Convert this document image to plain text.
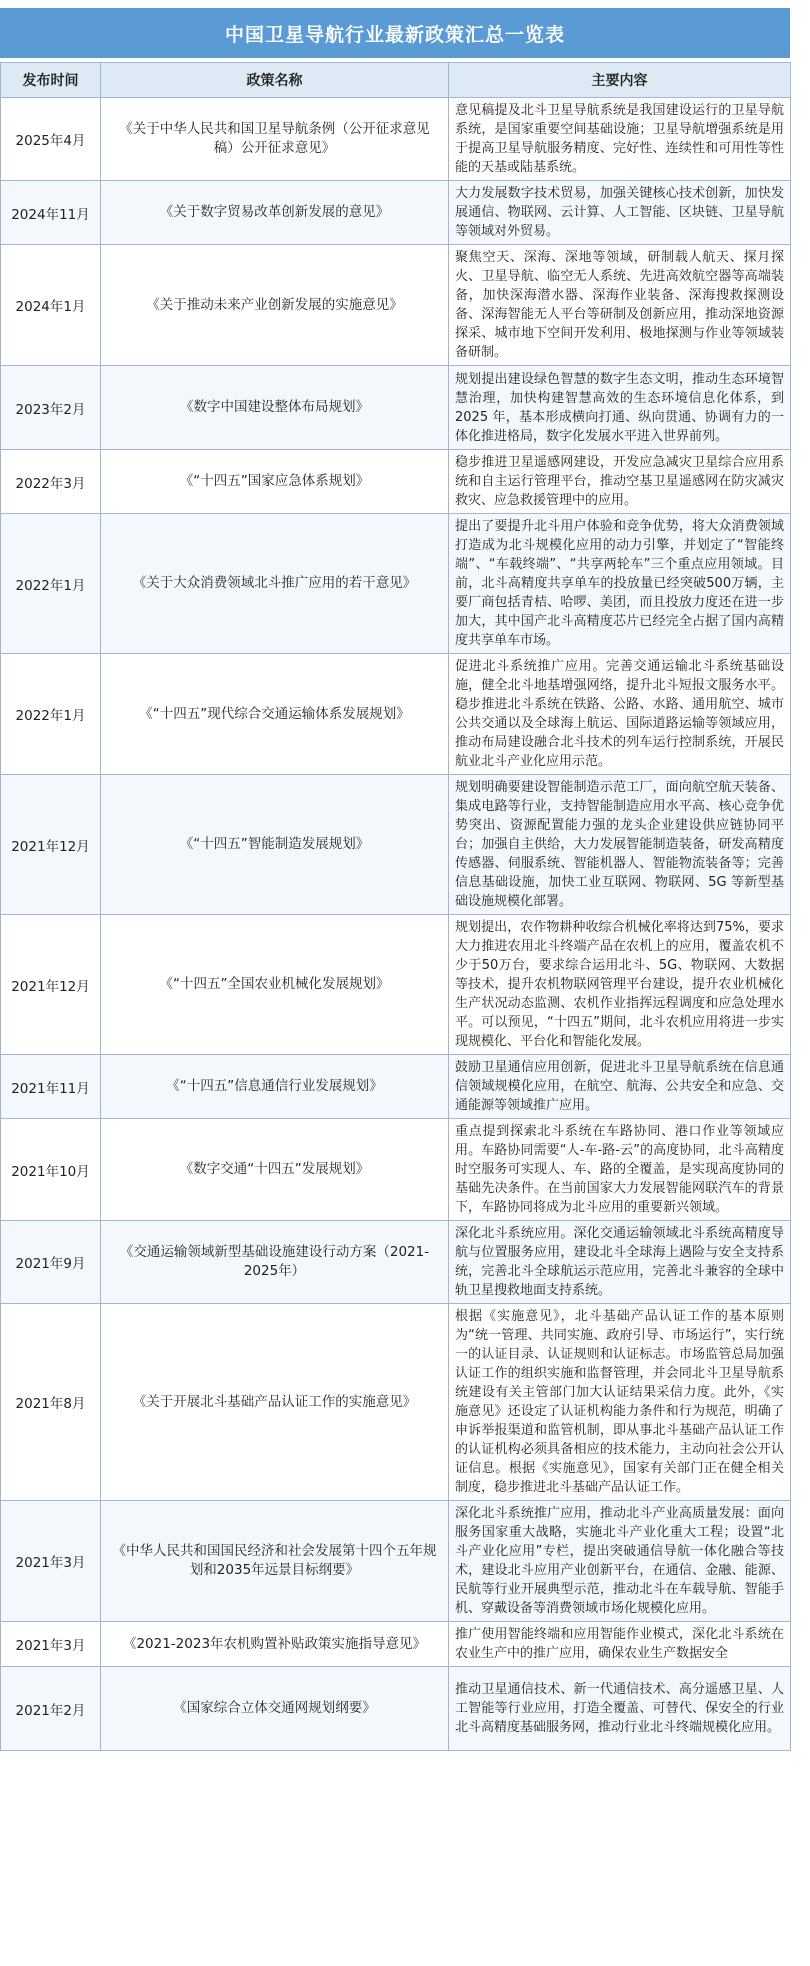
中国卫星导航行业最新政策汇总一览表
发布时间	政策名称	主要内容
2025年4月	《关于中华人民共和国卫星导航条例（公开征求意见稿）公开征求意见》	意见稿提及北斗卫星导航系统是我国建设运行的卫星导航系统，是国家重要空间基础设施；卫星导航增强系统是用于提高卫星导航服务精度、完好性、连续性和可用性等性能的天基或陆基系统。
2024年11月	《关于数字贸易改革创新发展的意见》	大力发展数字技术贸易，加强关键核心技术创新，加快发展通信、物联网、云计算、人工智能、区块链、卫星导航等领域对外贸易。
2024年1月	《关于推动未来产业创新发展的实施意见》	聚焦空天、深海、深地等领域，研制载人航天、探月探火、卫星导航、临空无人系统、先进高效航空器等高端装备，加快深海潜水器、深海作业装备、深海搜救探测设备、深海智能无人平台等研制及创新应用，推动深地资源探采、城市地下空间开发利用、极地探测与作业等领域装备研制。
2023年2月	《数字中国建设整体布局规划》	规划提出建设绿色智慧的数字生态文明，推动生态环境智慧治理，加快构建智慧高效的生态环境信息化体系，到 2025 年，基本形成横向打通、纵向贯通、协调有力的一体化推进格局，数字化发展水平进入世界前列。
2022年3月	《“十四五”国家应急体系规划》	稳步推进卫星遥感网建设，开发应急减灾卫星综合应用系统和自主运行管理平台，推动空基卫星遥感网在防灾减灾救灾、应急救援管理中的应用。
2022年1月	《关于大众消费领域北斗推广应用的若干意见》	提出了要提升北斗用户体验和竞争优势，将大众消费领域打造成为北斗规模化应用的动力引擎，并划定了“智能终端”、“车载终端”、“共享两轮车”三个重点应用领域。目前，北斗高精度共享单车的投放量已经突破500万辆，主要厂商包括青桔、哈啰、美团，而且投放力度还在进一步加大，其中国产北斗高精度芯片已经完全占据了国内高精度共享单车市场。
2022年1月	《“十四五”现代综合交通运输体系发展规划》	促进北斗系统推广应用。完善交通运输北斗系统基础设施，健全北斗地基增强网络，提升北斗短报文服务水平。稳步推进北斗系统在铁路、公路、水路、通用航空、城市公共交通以及全球海上航运、国际道路运输等领域应用，推动布局建设融合北斗技术的列车运行控制系统，开展民航业北斗产业化应用示范。
2021年12月	《“十四五”智能制造发展规划》	规划明确要建设智能制造示范工厂，面向航空航天装备、集成电路等行业，支持智能制造应用水平高、核心竞争优势突出、资源配置能力强的龙头企业建设供应链协同平台；加强自主供给，大力发展智能制造装备，研发高精度传感器、伺服系统、智能机器人、智能物流装备等；完善信息基础设施，加快工业互联网、物联网、5G 等新型基础设施规模化部署。
2021年12月	《“十四五”全国农业机械化发展规划》	规划提出，农作物耕种收综合机械化率将达到75%，要求大力推进农用北斗终端产品在农机上的应用，覆盖农机不少于50万台，要求综合运用北斗、5G、物联网、大数据等技术，提升农机物联网管理平台建设，提升农业机械化生产状况动态监测、农机作业指挥远程调度和应急处理水平。可以预见，“十四五”期间，北斗农机应用将进一步实现规模化、平台化和智能化发展。
2021年11月	《“十四五”信息通信行业发展规划》	鼓励卫星通信应用创新，促进北斗卫星导航系统在信息通信领域规模化应用，在航空、航海、公共安全和应急、交通能源等领域推广应用。
2021年10月	《数字交通“十四五”发展规划》	重点提到探索北斗系统在车路协同、港口作业等领域应用。车路协同需要“人-车-路-云”的高度协同，北斗高精度时空服务可实现人、车、路的全覆盖，是实现高度协同的基础先决条件。在当前国家大力发展智能网联汽车的背景下，车路协同将成为北斗应用的重要新兴领域。
2021年9月	《交通运输领域新型基础设施建设行动方案（2021-2025年）	深化北斗系统应用。深化交通运输领域北斗系统高精度导航与位置服务应用，建设北斗全球海上遇险与安全支持系统，完善北斗全球航运示范应用，完善北斗兼容的全球中轨卫星搜救地面支持系统。
2021年8月	《关于开展北斗基础产品认证工作的实施意见》	根据《实施意见》，北斗基础产品认证工作的基本原则为“统一管理、共同实施、政府引导、市场运行”，实行统一的认证目录、认证规则和认证标志。市场监管总局加强认证工作的组织实施和监督管理，并会同北斗卫星导航系统建设有关主管部门加大认证结果采信力度。此外，《实施意见》还设定了认证机构能力条件和行为规范，明确了申诉举报渠道和监管机制，即从事北斗基础产品认证工作的认证机构必须具备相应的技术能力，主动向社会公开认证信息。根据《实施意见》，国家有关部门正在健全相关制度，稳步推进北斗基础产品认证工作。
2021年3月	《中华人民共和国国民经济和社会发展第十四个五年规划和2035年远景目标纲要》	深化北斗系统推广应用，推动北斗产业高质量发展：面向服务国家重大战略，实施北斗产业化重大工程；设置“北斗产业化应用”专栏，提出突破通信导航一体化融合等技术，建设北斗应用产业创新平台，在通信、金融、能源、民航等行业开展典型示范，推动北斗在车载导航、智能手机、穿戴设备等消费领域市场化规模化应用。
2021年3月	《2021-2023年农机购置补贴政策实施指导意见》	推广使用智能终端和应用智能作业模式，深化北斗系统在农业生产中的推广应用，确保农业生产数据安全
2021年2月	《国家综合立体交通网规划纲要》	推动卫星通信技术、新一代通信技术、高分遥感卫星、人工智能等行业应用，打造全覆盖、可替代、保安全的行业北斗高精度基础服务网，推动行业北斗终端规模化应用。
